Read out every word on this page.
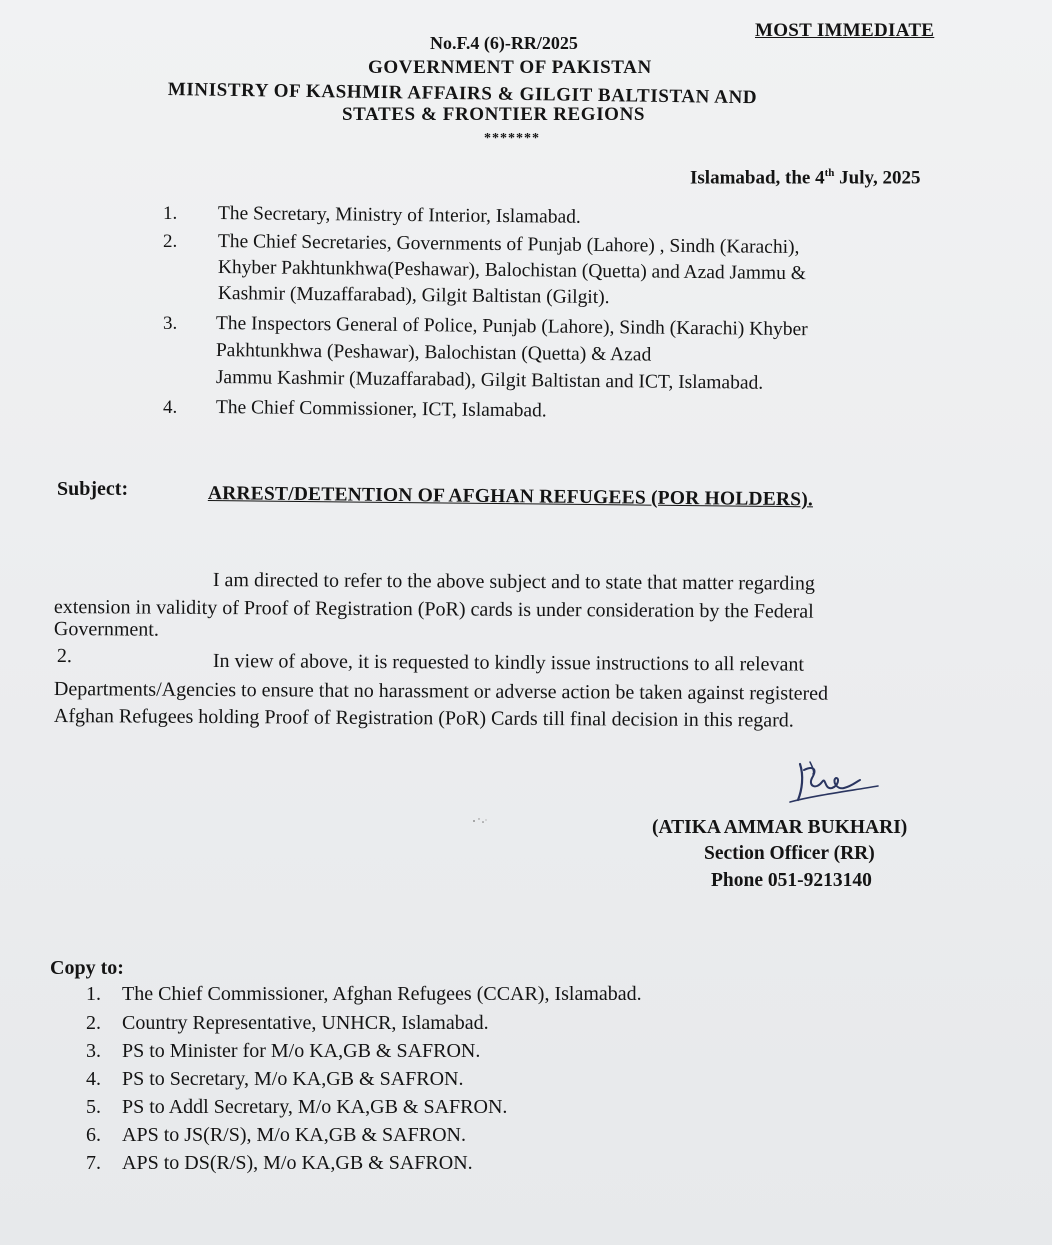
MOST IMMEDIATE
No.F.4 (6)-RR/2025
GOVERNMENT OF PAKISTAN
MINISTRY OF KASHMIR AFFAIRS & GILGIT BALTISTAN AND
STATES & FRONTIER REGIONS
*******
Islamabad, the 4th July, 2025
1. The Secretary, Ministry of Interior, Islamabad.
2. The Chief Secretaries, Governments of Punjab (Lahore) , Sindh (Karachi),
Khyber Pakhtunkhwa(Peshawar), Balochistan (Quetta) and Azad Jammu &
Kashmir (Muzaffarabad), Gilgit Baltistan (Gilgit).
3. The Inspectors General of Police, Punjab (Lahore), Sindh (Karachi) Khyber
Pakhtunkhwa (Peshawar), Balochistan (Quetta) & Azad
Jammu Kashmir (Muzaffarabad), Gilgit Baltistan and ICT, Islamabad.
4. The Chief Commissioner, ICT, Islamabad.
Subject:	ARREST/DETENTION OF AFGHAN REFUGEES (POR HOLDERS).
I am directed to refer to the above subject and to state that matter regarding
extension in validity of Proof of Registration (PoR) cards is under consideration by the Federal
Government.
2.	In view of above, it is requested to kindly issue instructions to all relevant
Departments/Agencies to ensure that no harassment or adverse action be taken against registered
Afghan Refugees holding Proof of Registration (PoR) Cards till final decision in this regard.
(ATIKA AMMAR BUKHARI)
Section Officer (RR)
Phone 051-9213140
Copy to:
1. The Chief Commissioner, Afghan Refugees (CCAR), Islamabad.
2. Country Representative, UNHCR, Islamabad.
3. PS to Minister for M/o KA,GB & SAFRON.
4. PS to Secretary, M/o KA,GB & SAFRON.
5. PS to Addl Secretary, M/o KA,GB & SAFRON.
6. APS to JS(R/S), M/o KA,GB & SAFRON.
7. APS to DS(R/S), M/o KA,GB & SAFRON.
